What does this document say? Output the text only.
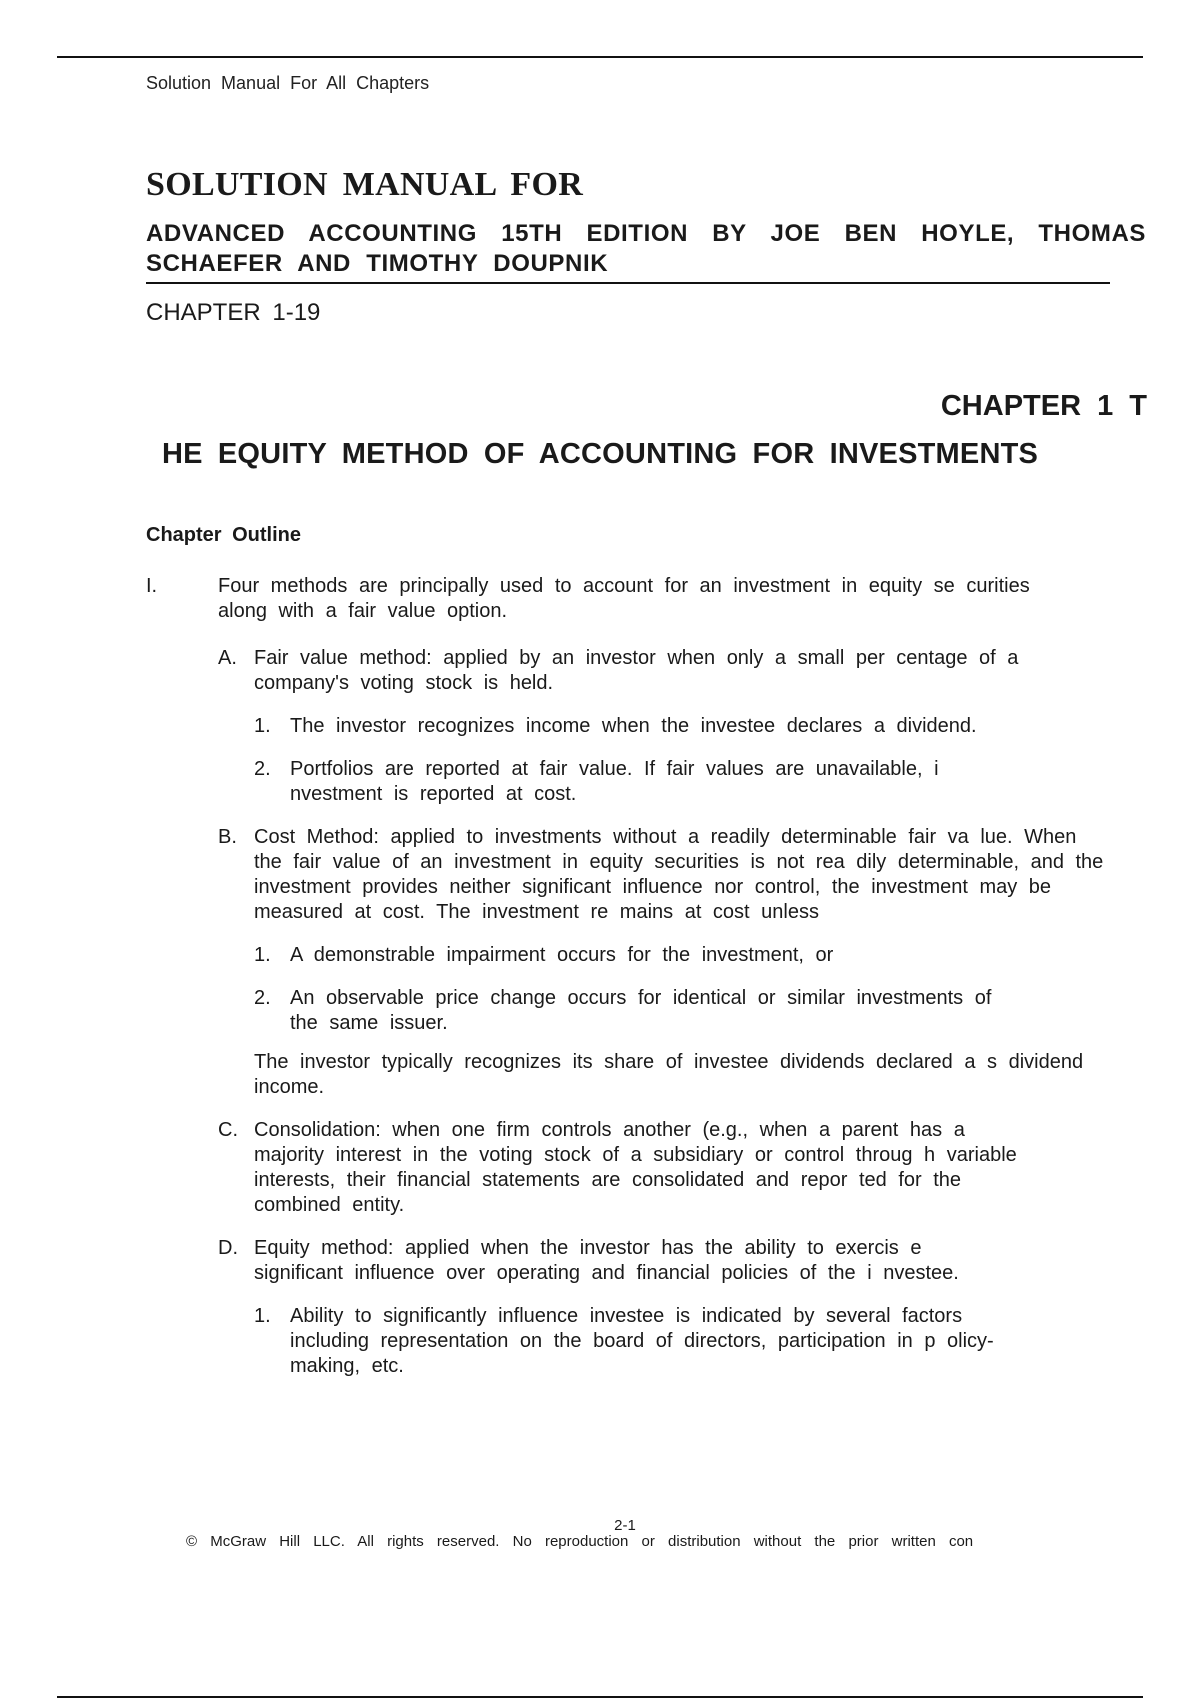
Solution Manual For All Chapters
SOLUTION MANUAL FOR
ADVANCED ACCOUNTING 15TH EDITION BY JOE BEN HOYLE, THOMAS SCHAEFER AND TIMOTHY DOUPNIK
CHAPTER 1-19
CHAPTER 1 T
HE EQUITY METHOD OF ACCOUNTING FOR INVESTMENTS
Chapter Outline
I.	Four methods are principally used to account for an investment in equity se curities along with a fair value option.
A. Fair value method: applied by an investor when only a small per centage of a company's voting stock is held.
1. The investor recognizes income when the investee declares a dividend.
2. Portfolios are reported at fair value. If fair values are unavailable, i nvestment is reported at cost.
B. Cost Method: applied to investments without a readily determinable fair va lue. When the fair value of an investment in equity securities is not rea dily determinable, and the investment provides neither significant influence nor control, the investment may be measured at cost. The investment re mains at cost unless
1. A demonstrable impairment occurs for the investment, or
2. An observable price change occurs for identical or similar investments of the same issuer.
The investor typically recognizes its share of investee dividends declared a s dividend income.
C. Consolidation: when one firm controls another (e.g., when a parent has a majority interest in the voting stock of a subsidiary or control throug h variable interests, their financial statements are consolidated and repor ted for the combined entity.
D. Equity method: applied when the investor has the ability to exercis e significant influence over operating and financial policies of the i nvestee.
1. Ability to significantly influence investee is indicated by several factors including representation on the board of directors, participation in p olicy-making, etc.
2-1
© McGraw Hill LLC. All rights reserved. No reproduction or distribution without the prior written con
